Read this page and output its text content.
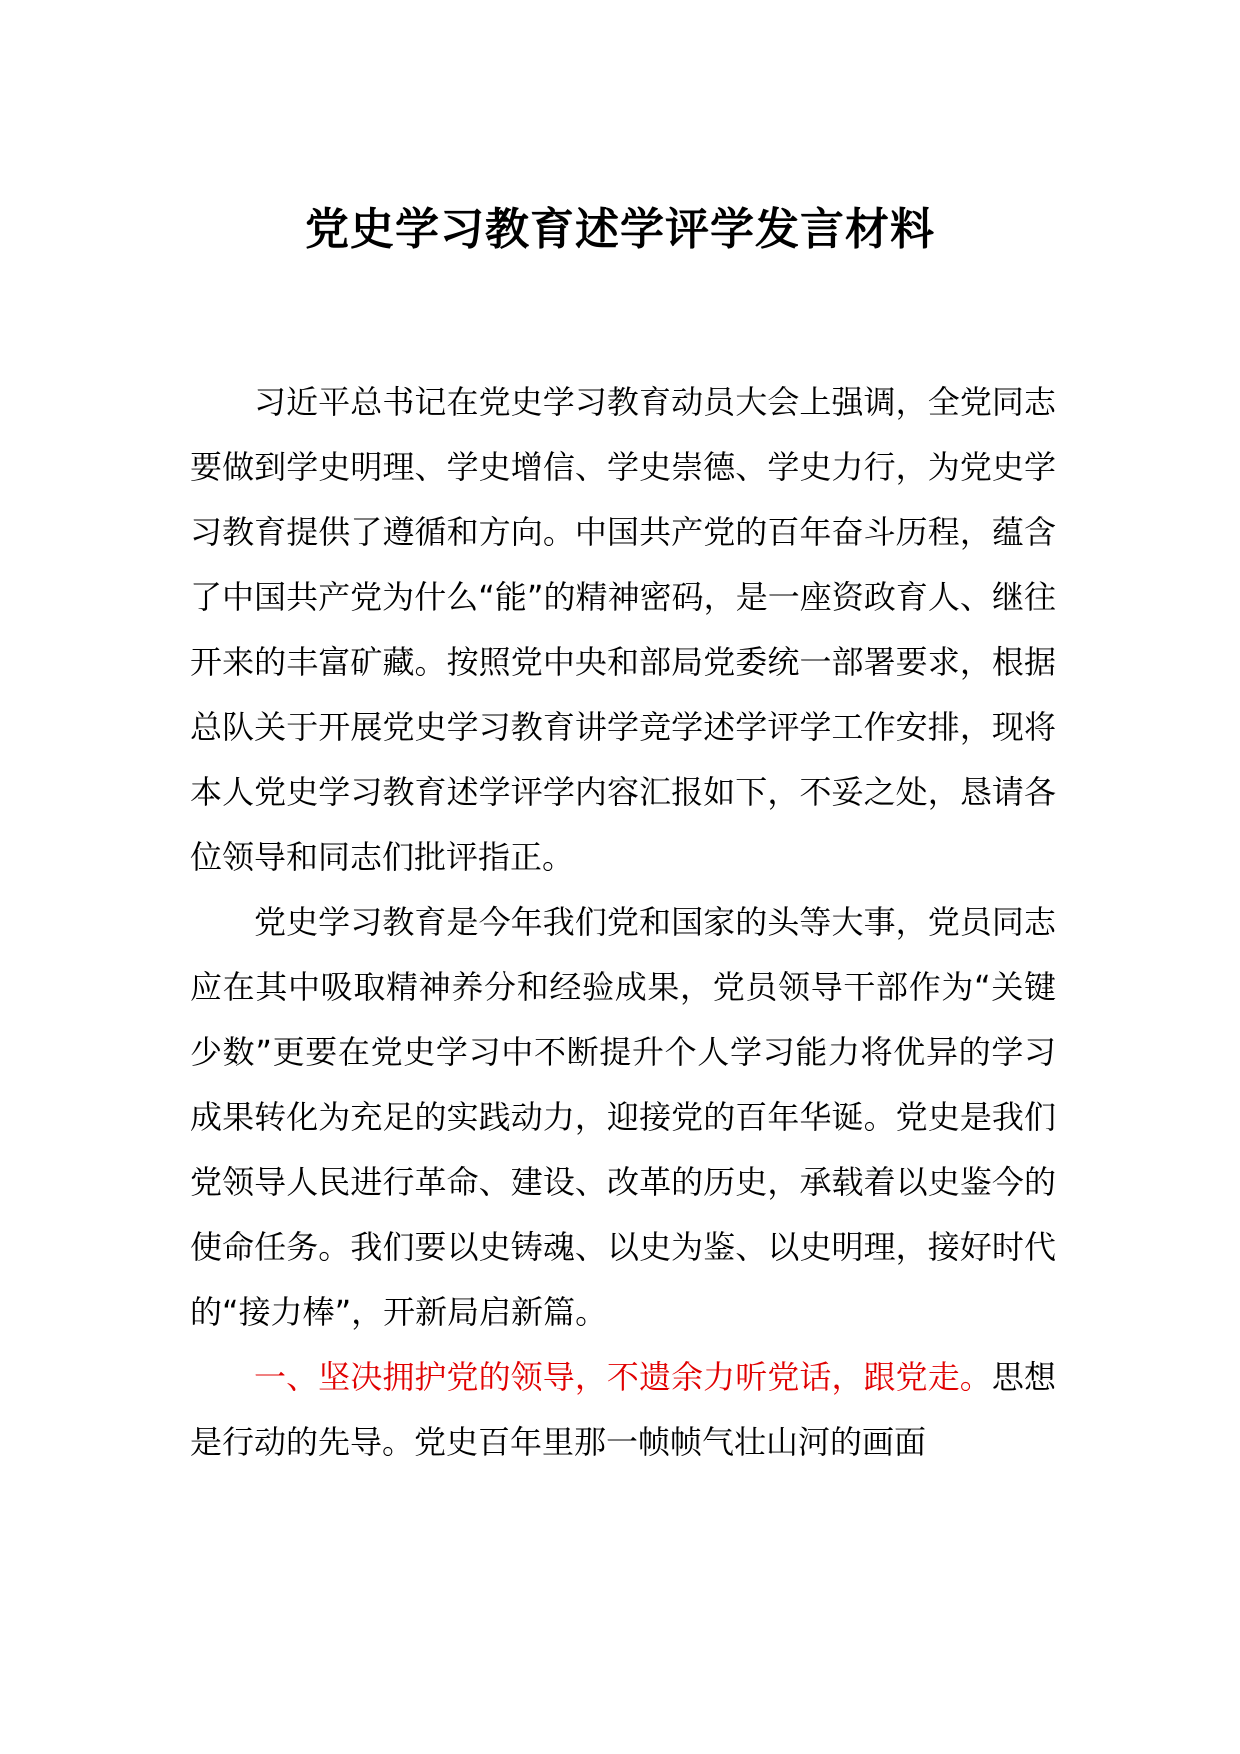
党史学习教育述学评学发言材料

习近平总书记在党史学习教育动员大会上强调，全党同志要做到学史明理、学史增信、学史崇德、学史力行，为党史学习教育提供了遵循和方向。中国共产党的百年奋斗历程，蕴含了中国共产党为什么“能”的精神密码，是一座资政育人、继往开来的丰富矿藏。按照党中央和部局党委统一部署要求，根据总队关于开展党史学习教育讲学竞学述学评学工作安排，现将本人党史学习教育述学评学内容汇报如下，不妥之处，恳请各位领导和同志们批评指正。

党史学习教育是今年我们党和国家的头等大事，党员同志应在其中吸取精神养分和经验成果，党员领导干部作为“关键少数”更要在党史学习中不断提升个人学习能力将优异的学习成果转化为充足的实践动力，迎接党的百年华诞。党史是我们党领导人民进行革命、建设、改革的历史，承载着以史鉴今的使命任务。我们要以史铸魂、以史为鉴、以史明理，接好时代的“接力棒”，开新局启新篇。

一、坚决拥护党的领导，不遗余力听党话，跟党走。思想是行动的先导。党史百年里那一帧帧气壮山河的画面
